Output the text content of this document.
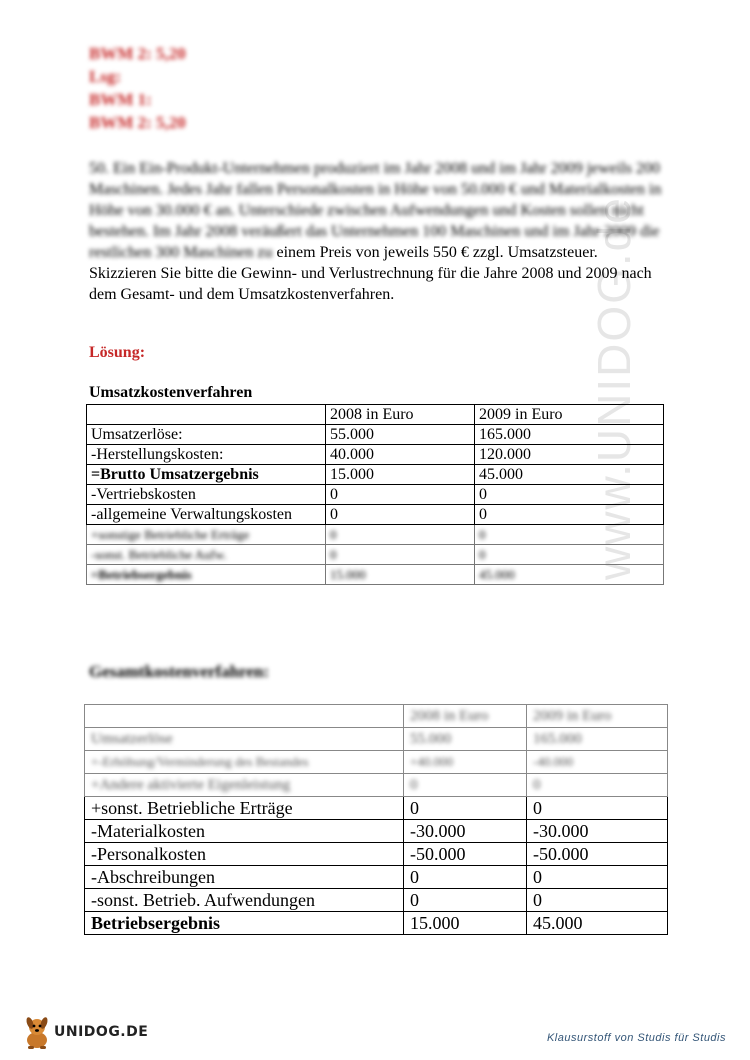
www.UNIDOG.de
BWM 2: 5,20
Lsg:
BWM 1:
BWM 2: 5,20
50. Ein Ein-Produkt-Unternehmen produziert im Jahr 2008 und im Jahr 2009 jeweils 200 Maschinen. Jedes Jahr fallen Personalkosten in Höhe von 50.000 € und Materialkosten in Höhe von 30.000 € an. Unterschiede zwischen Aufwendungen und Kosten sollen nicht bestehen. Im Jahr 2008 veräußert das Unternehmen 100 Maschinen und im Jahr 2009 die restlichen 300 Maschinen zu einem Preis von jeweils 550 € zzgl. Umsatzsteuer. Skizzieren Sie bitte die Gewinn- und Verlustrechnung für die Jahre 2008 und 2009 nach dem Gesamt- und dem Umsatzkostenverfahren.
Lösung:
Umsatzkostenverfahren
	2008 in Euro	2009 in Euro
Umsatzerlöse:	55.000	165.000
-Herstellungskosten:	40.000	120.000
=Brutto Umsatzergebnis	15.000	45.000
-Vertriebskosten	0	0
-allgemeine Verwaltungskosten	0	0
+sonstige Betriebliche Erträge	0	0
-sonst. Betriebliche Aufw.	0	0
=Betriebsergebnis	15.000	45.000
Gesamtkostenverfahren:
	2008 in Euro	2009 in Euro
Umsatzerlöse	55.000	165.000
+-Erhöhung/Verminderung des Bestandes	+40.000	-40.000
+Andere aktivierte Eigenleistung	0	0
+sonst. Betriebliche Erträge	0	0
-Materialkosten	-30.000	-30.000
-Personalkosten	-50.000	-50.000
-Abschreibungen	0	0
-sonst. Betrieb. Aufwendungen	0	0
Betriebsergebnis	15.000	45.000
UNIDOG.DE	Klausurstoff von Studis für Studis
